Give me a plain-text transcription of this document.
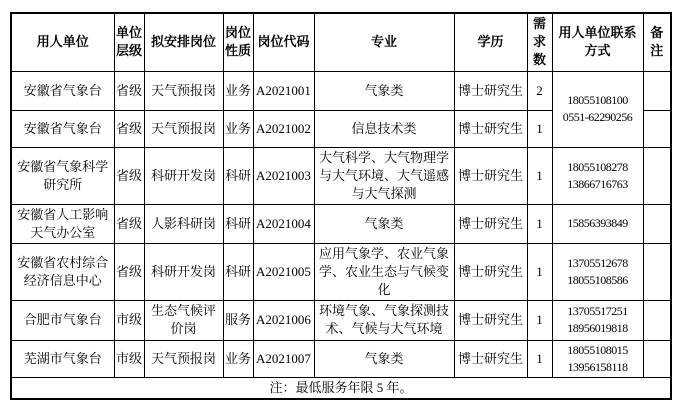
用人单位	单位层级	拟安排岗位	岗位性质	岗位代码	专业	学历	需求数	用人单位联系方式	备注
安徽省气象台	省级	天气预报岗	业务	A2021001	气象类	博士研究生	2	18055108100
0551-62290256	

安徽省气象台	省级	天气预报岗	业务	A2021002	信息技术类	博士研究生	1		
安徽省气象科学研究所	省级	科研开发岗	科研	A2021003	大气科学、大气物理学与大气环境、大气遥感与大气探测	博士研究生	1	18055108278
13866716763	

安徽省人工影响天气办公室	省级	人影科研岗	科研	A2021004	气象类	博士研究生	1	15856393849	

安徽省农村综合经济信息中心	省级	科研开发岗	科研	A2021005	应用气象学、农业气象学、农业生态与气候变化	博士研究生	1	13705512678
18055108586	

合肥市气象台	市级	生态气候评价岗	服务	A2021006	环境气象、气象探测技术、气候与大气环境	博士研究生	1	13705517251
18956019818	

芜湖市气象台	市级	天气预报岗	业务	A2021007	气象类	博士研究生	1	18055108015
13956158118	

注：最低服务年限 5 年。									
